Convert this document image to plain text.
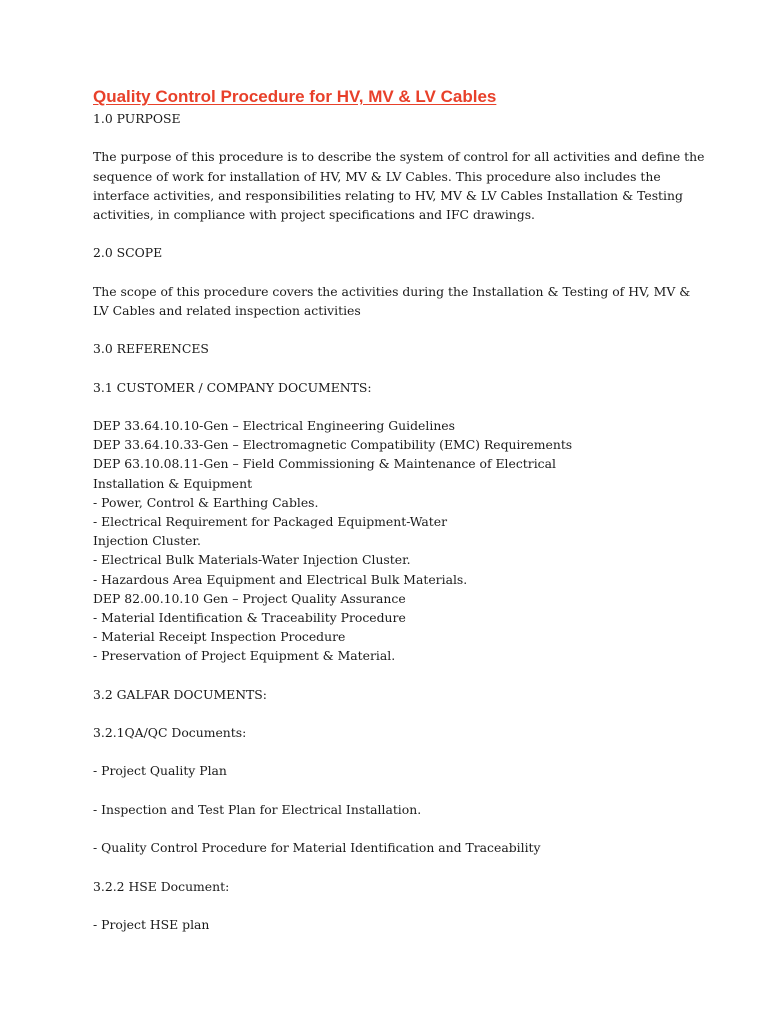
Quality Control Procedure for HV, MV & LV Cables
1.0 PURPOSE
The purpose of this procedure is to describe the system of control for all activities and define the
sequence of work for installation of HV, MV & LV Cables. This procedure also includes the
interface activities, and responsibilities relating to HV, MV & LV Cables Installation & Testing
activities, in compliance with project specifications and IFC drawings.
2.0 SCOPE
The scope of this procedure covers the activities during the Installation & Testing of HV, MV &
LV Cables and related inspection activities
3.0 REFERENCES
3.1 CUSTOMER / COMPANY DOCUMENTS:
DEP 33.64.10.10-Gen – Electrical Engineering Guidelines
DEP 33.64.10.33-Gen – Electromagnetic Compatibility (EMC) Requirements
DEP 63.10.08.11-Gen – Field Commissioning & Maintenance of Electrical
Installation & Equipment
- Power, Control & Earthing Cables.
- Electrical Requirement for Packaged Equipment-Water
Injection Cluster.
- Electrical Bulk Materials-Water Injection Cluster.
- Hazardous Area Equipment and Electrical Bulk Materials.
DEP 82.00.10.10 Gen – Project Quality Assurance
- Material Identification & Traceability Procedure
- Material Receipt Inspection Procedure
- Preservation of Project Equipment & Material.
3.2 GALFAR DOCUMENTS:
3.2.1QA/QC Documents:
- Project Quality Plan
- Inspection and Test Plan for Electrical Installation.
- Quality Control Procedure for Material Identification and Traceability
3.2.2 HSE Document:
- Project HSE plan
